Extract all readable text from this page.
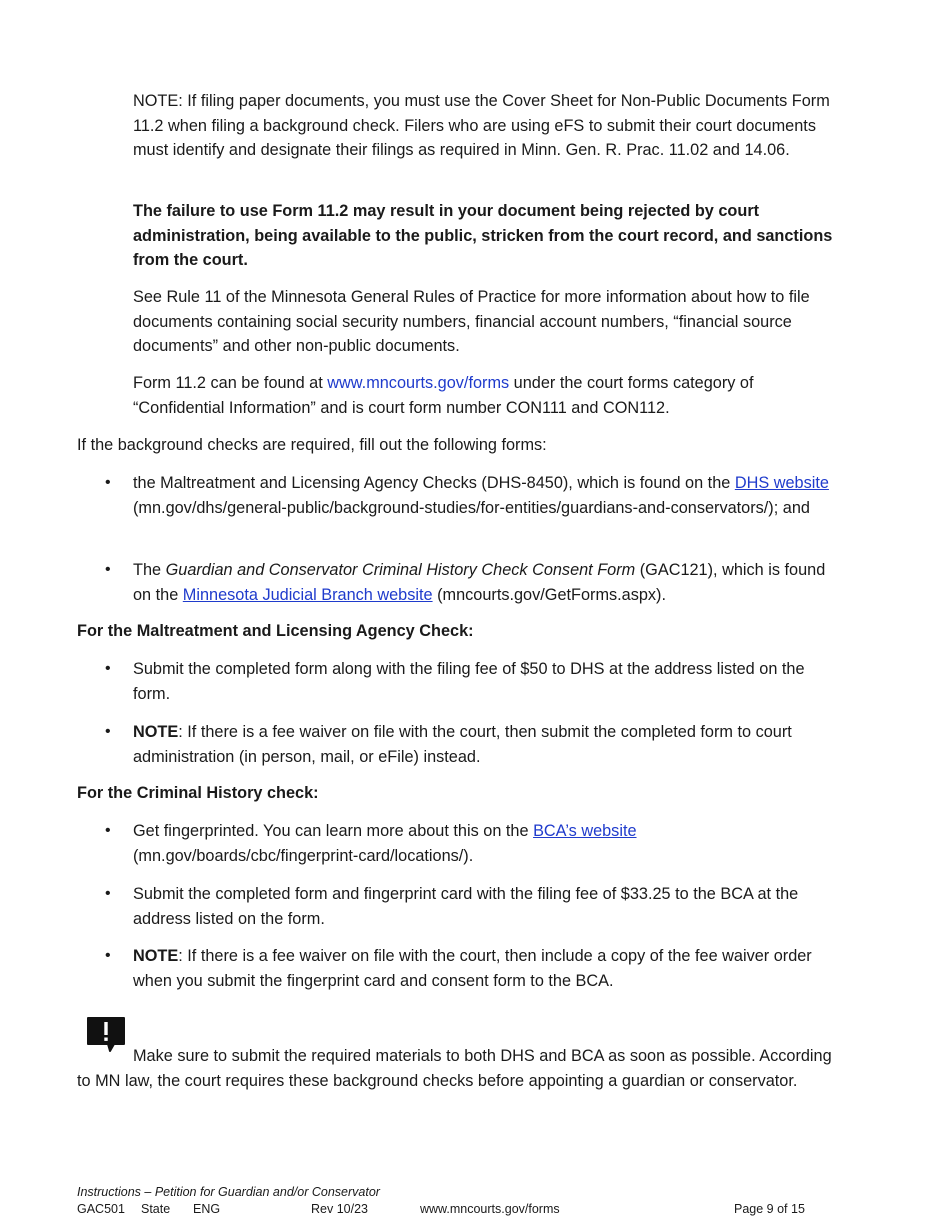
NOTE: If filing paper documents, you must use the Cover Sheet for Non-Public Documents Form 11.2 when filing a background check. Filers who are using eFS to submit their court documents must identify and designate their filings as required in Minn. Gen. R. Prac. 11.02 and 14.06.

The failure to use Form 11.2 may result in your document being rejected by court administration, being available to the public, stricken from the court record, and sanctions from the court.

See Rule 11 of the Minnesota General Rules of Practice for more information about how to file documents containing social security numbers, financial account numbers, “financial source documents” and other non-public documents.

Form 11.2 can be found at www.mncourts.gov/forms under the court forms category of “Confidential Information” and is court form number CON111 and CON112.

If the background checks are required, fill out the following forms:

• the Maltreatment and Licensing Agency Checks (DHS-8450), which is found on the DHS website (mn.gov/dhs/general-public/background-studies/for-entities/guardians-and-conservators/); and

• The Guardian and Conservator Criminal History Check Consent Form (GAC121), which is found on the Minnesota Judicial Branch website (mncourts.gov/GetForms.aspx).

For the Maltreatment and Licensing Agency Check:

• Submit the completed form along with the filing fee of $50 to DHS at the address listed on the form.

• NOTE: If there is a fee waiver on file with the court, then submit the completed form to court administration (in person, mail, or eFile) instead.

For the Criminal History check:

• Get fingerprinted. You can learn more about this on the BCA’s website
(mn.gov/boards/cbc/fingerprint-card/locations/).

• Submit the completed form and fingerprint card with the filing fee of $33.25 to the BCA at the address listed on the form.

• NOTE: If there is a fee waiver on file with the court, then include a copy of the fee waiver order when you submit the fingerprint card and consent form to the BCA.

Make sure to submit the required materials to both DHS and BCA as soon as possible. According to MN law, the court requires these background checks before appointing a guardian or conservator.

Instructions – Petition for Guardian and/or Conservator
GAC501 State ENG	Rev 10/23	www.mncourts.gov/forms	Page 9 of 15
